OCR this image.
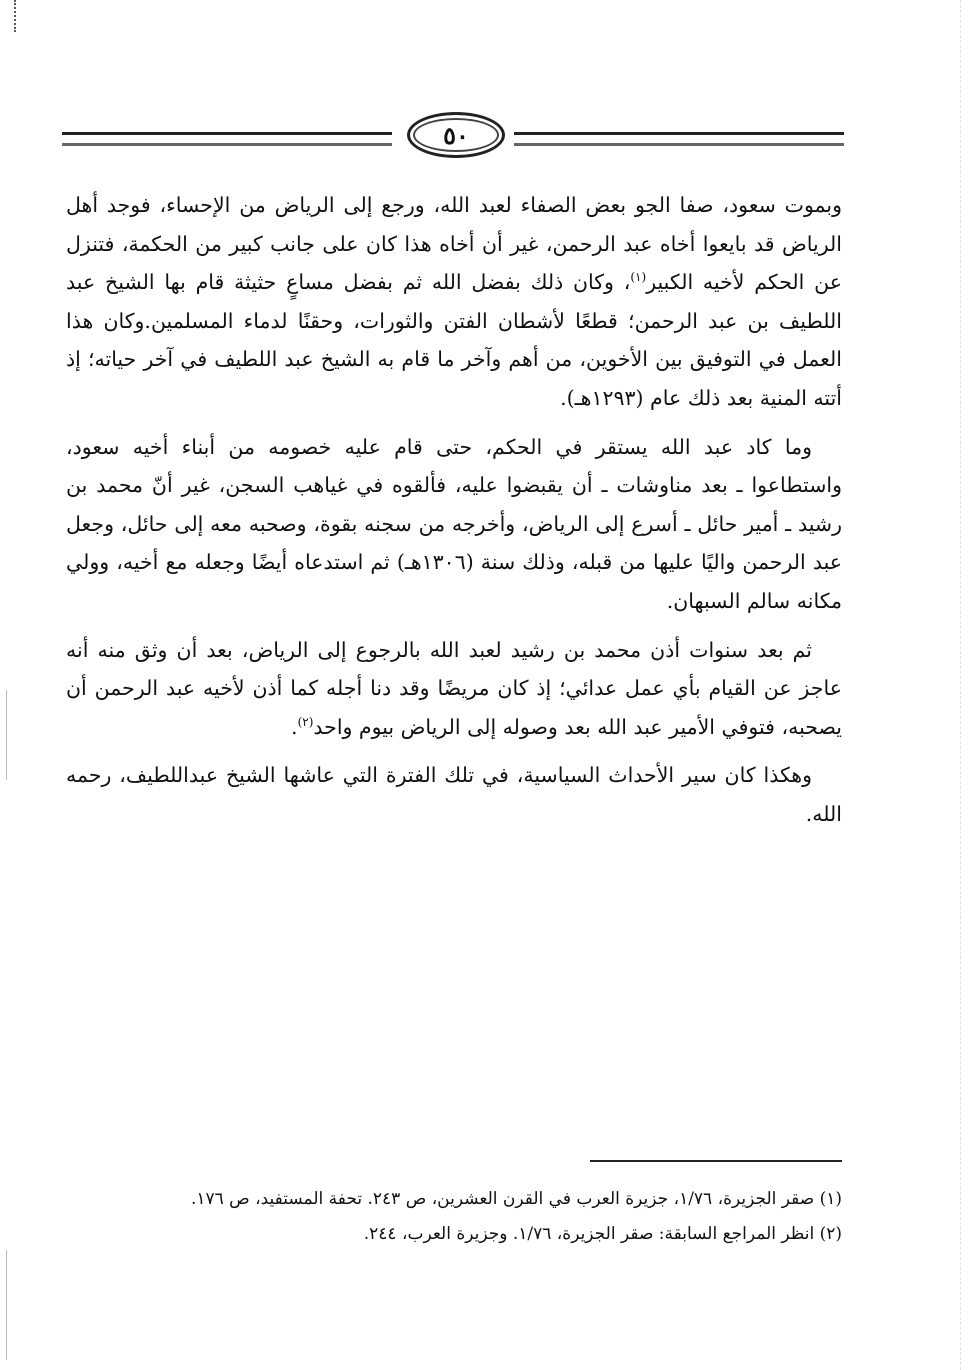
٥٠

وبموت سعود، صفا الجو بعض الصفاء لعبد الله، ورجع إلى الرياض من الإحساء، فوجد أهل الرياض قد بايعوا أخاه عبد الرحمن، غير أن أخاه هذا كان على جانب كبير من الحكمة، فتنزل عن الحكم لأخيه الكبير$^{(١)}$، وكان ذلك بفضل الله ثم بفضل مساعٍ حثيثة قام بها الشيخ عبد اللطيف بن عبد الرحمن؛ قطعًا لأشطان الفتن والثورات، وحقنًا لدماء المسلمين.وكان هذا العمل في التوفيق بين الأخوين، من أهم وآخر ما قام به الشيخ عبد اللطيف في آخر حياته؛ إذ أتته المنية بعد ذلك عام (١٢٩٣هـ).

وما كاد عبد الله يستقر في الحكم، حتى قام عليه خصومه من أبناء أخيه سعود، واستطاعوا ـ بعد مناوشات ـ أن يقبضوا عليه، فألقوه في غياهب السجن، غير أنّ محمد بن رشيد ـ أمير حائل ـ أسرع إلى الرياض، وأخرجه من سجنه بقوة، وصحبه معه إلى حائل، وجعل عبد الرحمن واليًا عليها من قبله، وذلك سنة (١٣٠٦هـ) ثم استدعاه أيضًا وجعله مع أخيه، وولي مكانه سالم السبهان.

ثم بعد سنوات أذن محمد بن رشيد لعبد الله بالرجوع إلى الرياض، بعد أن وثق منه أنه عاجز عن القيام بأي عمل عدائي؛ إذ كان مريضًا وقد دنا أجله كما أذن لأخيه عبد الرحمن أن يصحبه، فتوفي الأمير عبد الله بعد وصوله إلى الرياض بيوم واحد$^{(٢)}$.

وهكذا كان سير الأحداث السياسية، في تلك الفترة التي عاشها الشيخ عبداللطيف، رحمه الله.

(١) صقر الجزيرة، ١/٧٦، جزيرة العرب في القرن العشرين، ص ٢٤٣. تحفة المستفيد، ص ١٧٦.
(٢) انظر المراجع السابقة: صقر الجزيرة، ١/٧٦. وجزيرة العرب، ٢٤٤.
